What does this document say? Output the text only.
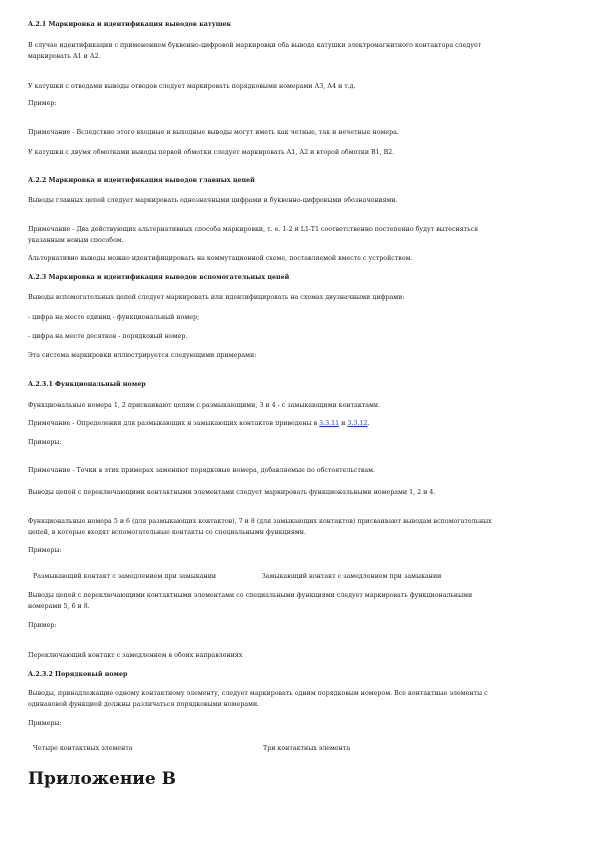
А.2.1 Маркировка и идентификация выводов катушек

В случае идентификации с применением буквенно-цифровой маркировки оба вывода катушки электромагнитного контактора следует

маркировать А1 и А2.

У катушки с отводами выводы отводов следует маркировать порядковыми номерами А3, А4 и т.д.

Пример:

Примечание - Вследствие этого входные и выходные выводы могут иметь как четные, так и нечетные номера.

У катушки с двумя обмотками выводы первой обмотки следует маркировать А1, А2 и второй обмотки В1, В2.

А.2.2 Маркировка и идентификация выводов главных цепей

Выводы главных цепей следует маркировать однозначными цифрами и буквенно-цифровыми обозначениями.

Примечание - Два действующих альтернативных способа маркировки, т. е. 1-2 и L1-T1 соответственно постепенно будут вытесняться

указанным новым способом.

Альтернативно выводы можно идентифицировать на коммутационной схеме, поставляемой вместе с устройством.

А.2.3 Маркировка и идентификация выводов вспомогательных цепей

Выводы вспомогательных цепей следует маркировать или идентифицировать на схемах двузначными цифрами:

- цифра на месте единиц - функциональный номер;

- цифра на месте десятков - порядковый номер.

Эта система маркировки иллюстрируется следующими примерами:

А.2.3.1 Функциональный номер

Функциональные номера 1, 2 присваивают цепям с размыкающими, 3 и 4 - с замыкающими контактами.

Примечание - Определения для размыкающих и замыкающих контактов приведены в 3.3.11 и 3.3.12.

Примеры:

Примечание - Точки в этих примерах заменяют порядковые номера, добавляемые по обстоятельствам.

Выводы цепей с переключающими контактными элементами следует маркировать функциональными номерами 1, 2 и 4.

Функциональные номера 5 и 6 (для размыкающих контактов), 7 и 8 (для замыкающих контактов) присваивают выводам вспомогательных

цепей, в которые входят вспомогательные контакты со специальными функциями.

Примеры:

Размыкающий контакт с замедлением при замыкании	Замыкающий контакт с замедлением при замыкании

Выводы цепей с переключающими контактными элементами со специальными функциями следует маркировать функциональными

номерами 5, 6 и 8.

Пример:

Переключающий контакт с замедлением в обоих направлениях

А.2.3.2 Порядковый номер

Выводы, принадлежащие одному контактному элементу, следует маркировать одним порядковым номером. Все контактные элементы с

одинаковой функцией должны различаться порядковыми номерами.

Примеры:

Четыре контактных элемента	Три контактных элемента

Приложение В
